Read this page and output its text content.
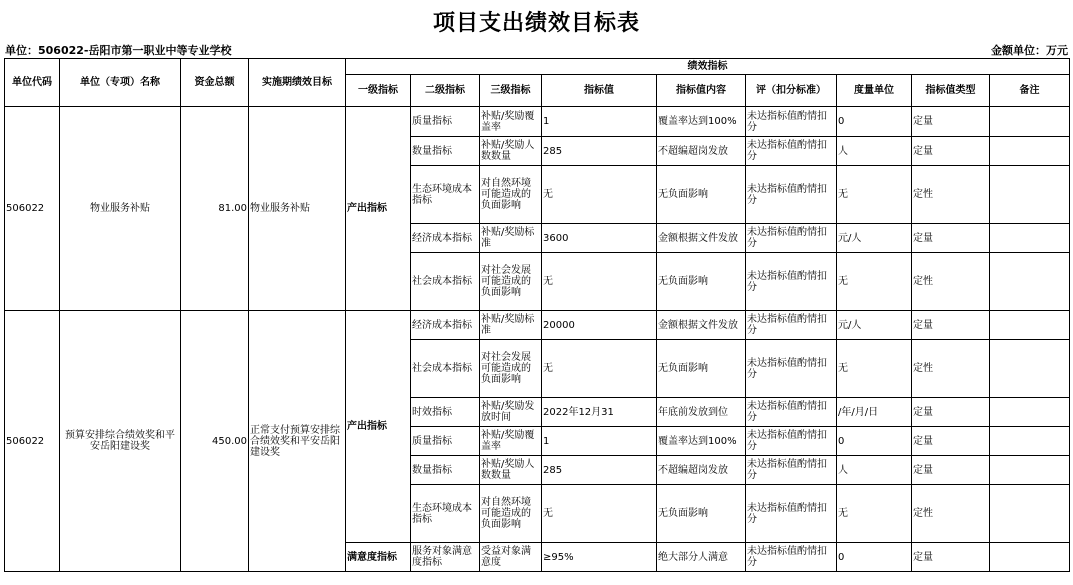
项目支出绩效目标表
单位：506022-岳阳市第一职业中等专业学校	金额单位：万元
单位代码	单位（专项）名称	资金总额	实施期绩效目标	绩效指标								
				一级指标	二级指标	三级指标	指标值	指标值内容	评（扣分标准）	度量单位	指标值类型	备注
506022	物业服务补贴	81.00	物业服务补贴	产出指标	质量指标	补贴/奖励覆盖率	1	覆盖率达到100%	未达指标值酌情扣分	0	定量	
					数量指标	补贴/奖励人数数量	285	不超编超岗发放	未达指标值酌情扣分	人	定量	
					生态环境成本指标	对自然环境可能造成的负面影响	无	无负面影响	未达指标值酌情扣分	无	定性	
					经济成本指标	补贴/奖励标准	3600	金额根据文件发放	未达指标值酌情扣分	元/人	定量	
					社会成本指标	对社会发展可能造成的负面影响	无	无负面影响	未达指标值酌情扣分	无	定性	
506022	预算安排综合绩效奖和平安岳阳建设奖	450.00	正常支付预算安排综合绩效奖和平安岳阳建设奖	产出指标	经济成本指标	补贴/奖励标准	20000	金额根据文件发放	未达指标值酌情扣分	元/人	定量	
					社会成本指标	对社会发展可能造成的负面影响	无	无负面影响	未达指标值酌情扣分	无	定性	
					时效指标	补贴/奖励发放时间	2022年12月31	年底前发放到位	未达指标值酌情扣分	/年/月/日	定量	
					质量指标	补贴/奖励覆盖率	1	覆盖率达到100%	未达指标值酌情扣分	0	定量	
					数量指标	补贴/奖励人数数量	285	不超编超岗发放	未达指标值酌情扣分	人	定量	
					生态环境成本指标	对自然环境可能造成的负面影响	无	无负面影响	未达指标值酌情扣分	无	定性	
				满意度指标	服务对象满意度指标	受益对象满意度	≥95%	绝大部分人满意	未达指标值酌情扣分	0	定量	
